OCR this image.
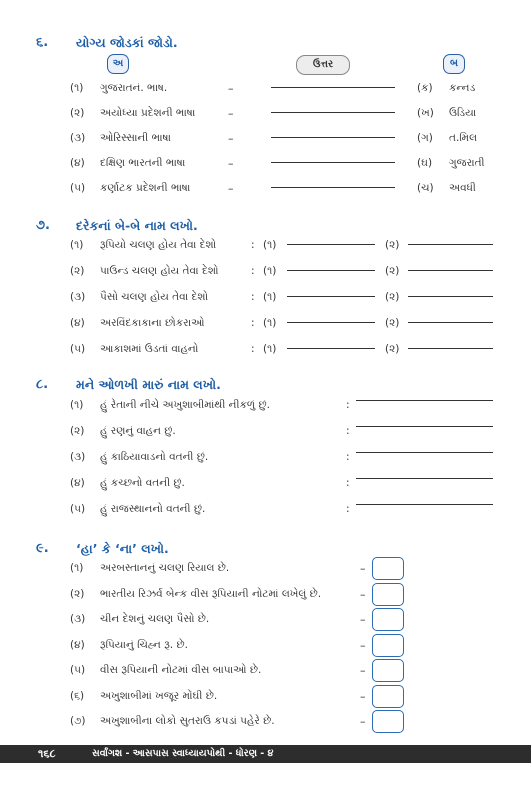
૬. યોગ્ય જોડકાં જોડો.
અ	ઉત્તર	બ
(૧) ગુજરાતનં. ભાષ.	–	(ક) કન્નડ
(૨) અયોધ્યા પ્રદેશની ભાષા	–	(ખ) ઉડિયા
(૩) ઓરિસ્સાની ભાષા	–	(ગ) ત.મિલ
(૪) દક્ષિણ ભારતની ભાષા	–	(ઘ) ગુજરાતી
(૫) કર્ણાટક પ્રદેશની ભાષા	–	(ચ) અવધી
૭. દરેકનાં બે-બે નામ લખો.
(૧) રૂપિયો ચલણ હોય તેવા દેશો	: (૧)	(૨)
(૨) પાઉન્ડ ચલણ હોય તેવા દેશો	: (૧)	(૨)
(૩) પૈસો ચલણ હોય તેવા દેશો	: (૧)	(૨)
(૪) અરવિંદકાકાના છોકરાઓ	: (૧)	(૨)
(૫) આકાશમાં ઉડતાં વાહનો	: (૧)	(૨)
૮. મને ઓળખી મારું નામ લખો.
(૧) હું રેતાની નીચે અખુશાબીમાંથી નીકળું છું.	:
(૨) હું રણનું વાહન છું.	:
(૩) હું કાઠિયાવાડનો વતની છું.	:
(૪) હું કચ્છનો વતની છું.	:
(૫) હું રાજસ્થાનનો વતની છું.	:
૯. ‘હા’ કે ‘ના’ લખો.
(૧) અરબસ્તાનનું ચલણ રિયાલ છે.	–
(૨) ભારતીય રિઝર્વ બેન્ક વીસ રૂપિયાની નોટમાં લખેલું છે.	–
(૩) ચીન દેશનું ચલણ પૈસો છે.	–
(૪) રૂપિયાનું ચિહ્ન રૂ. છે.	–
(૫) વીસ રૂપિયાની નોટમાં વીસ બાપાઓ છે.	–
(૬) અખુશાબીમાં ખજૂર મોંઘી છે.	–
(૭) અખુશાબીના લોકો સુતરાઉ કપડાં પહેરે છે.	–
૧૬૮	સર્વાંગશ - આસપાસ સ્વાધ્યાયપોથી - ધોરણ - ૪
